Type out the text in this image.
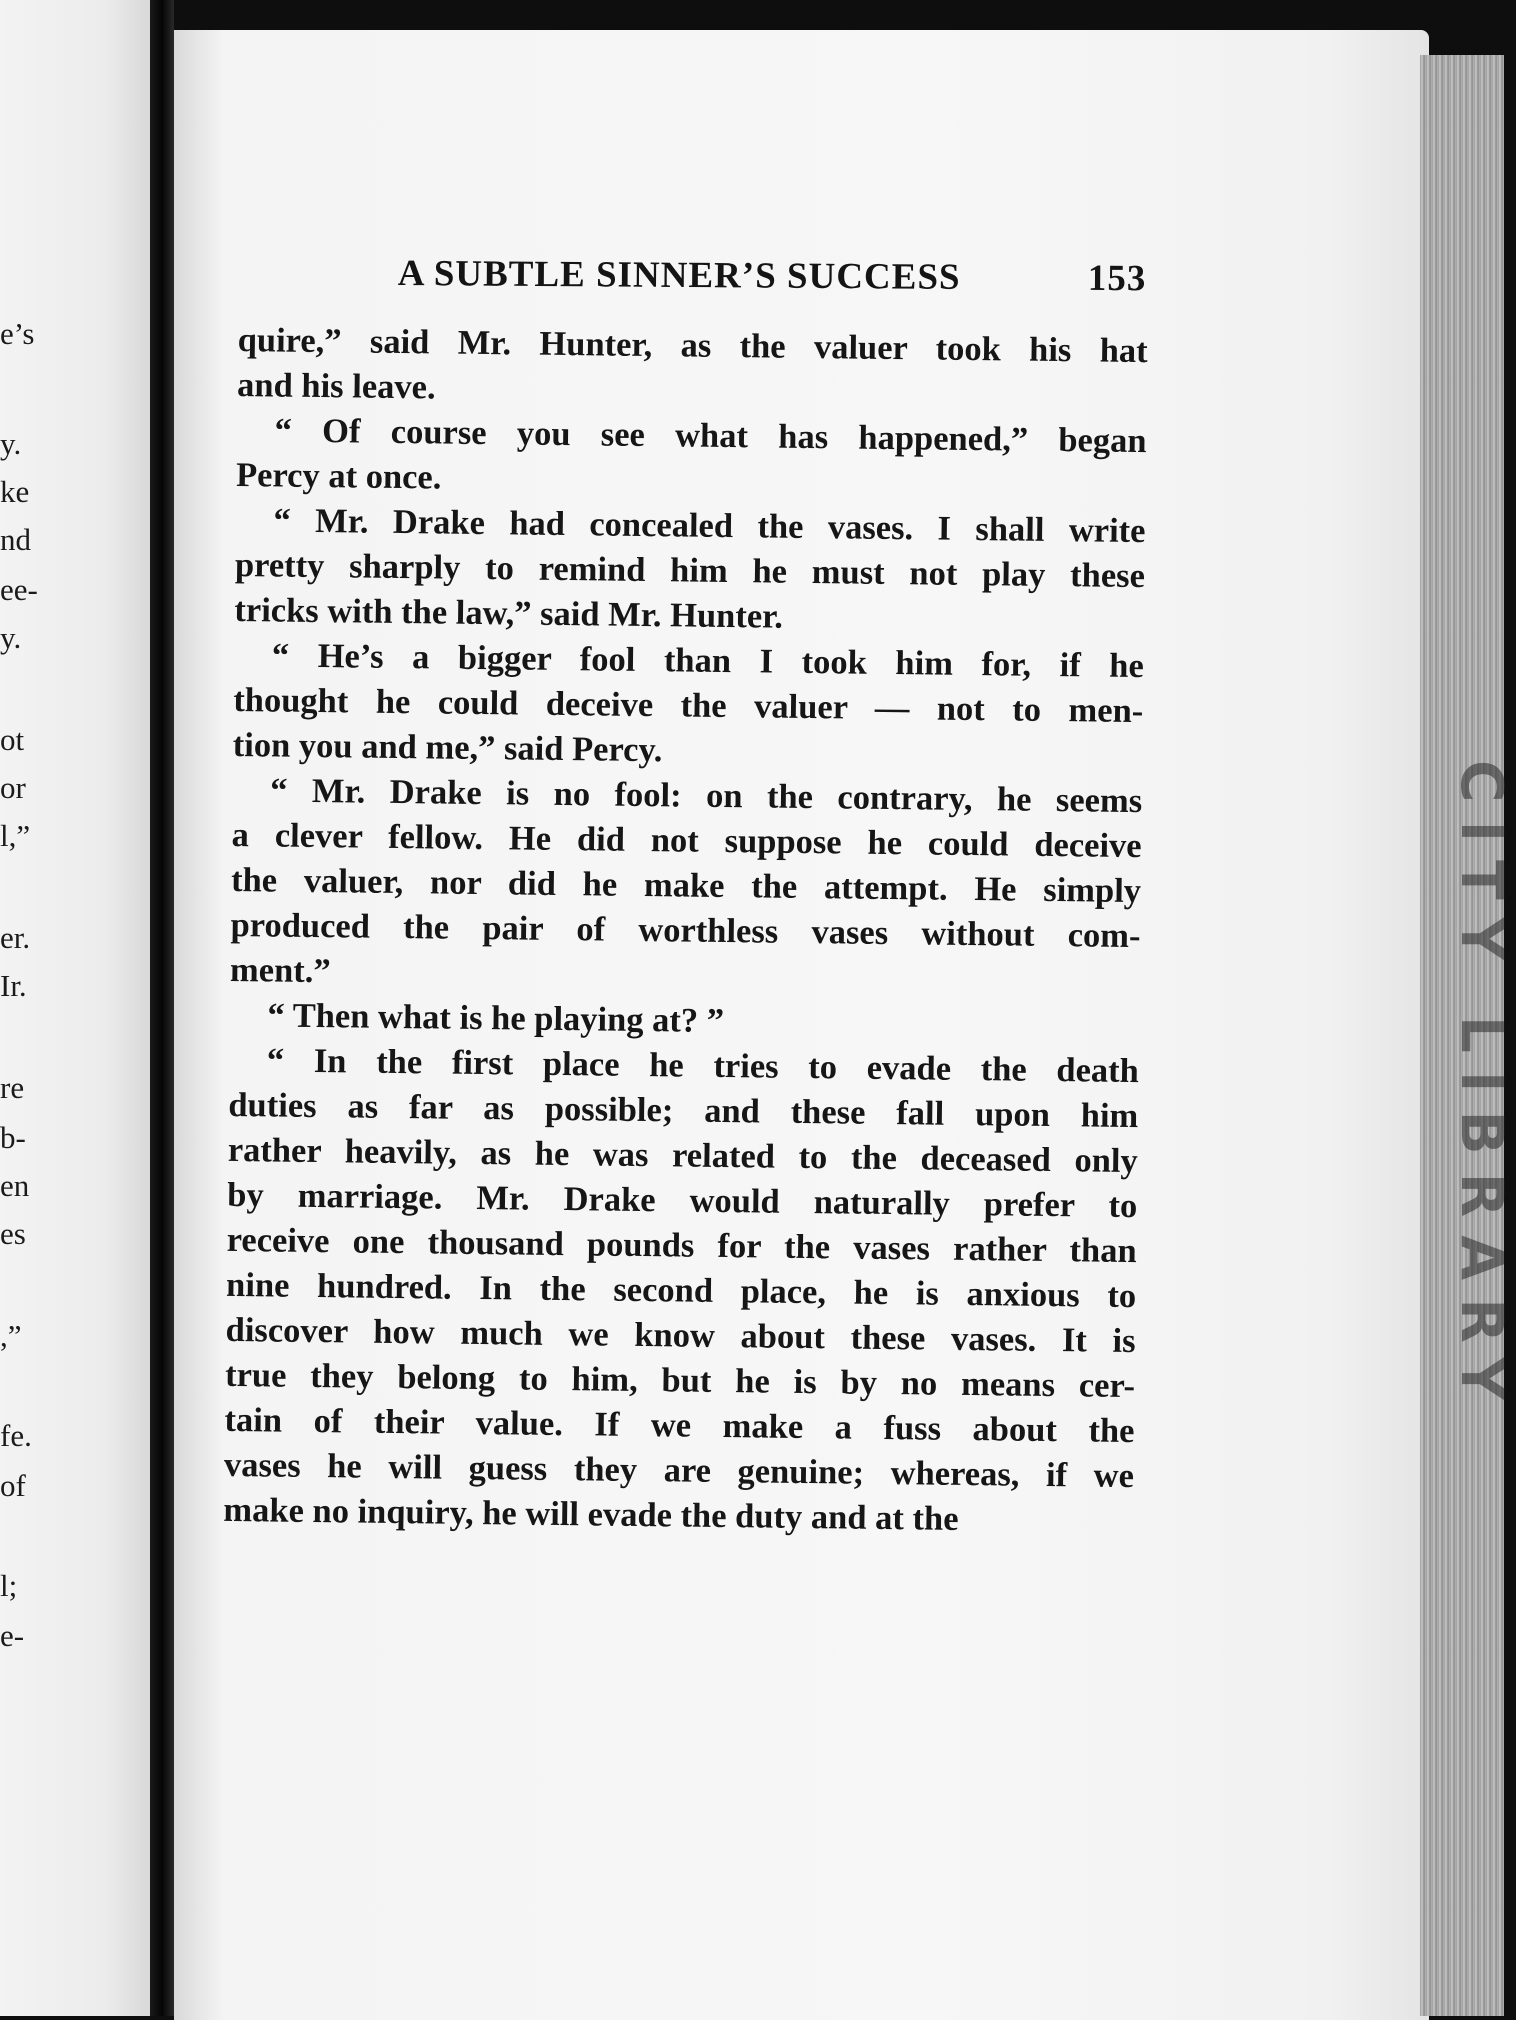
e’s
y.
ke
nd
ee-
y.
ot
or
l,”
er.
Ir.
re
b-
en
es
,”
fe.
of
l;
e-
CITY LIBRARY
A SUBTLE SINNER’S SUCCESS	153

quire,” said Mr. Hunter, as the valuer took his hat
and his leave.

“ Of course you see what has happened,” began
Percy at once.

“ Mr. Drake had concealed the vases. I shall write
pretty sharply to remind him he must not play these
tricks with the law,” said Mr. Hunter.

“ He’s a bigger fool than I took him for, if he
thought he could deceive the valuer — not to men-
tion you and me,” said Percy.

“ Mr. Drake is no fool: on the contrary, he seems
a clever fellow. He did not suppose he could deceive
the valuer, nor did he make the attempt. He simply
produced the pair of worthless vases without com-
ment.”

“ Then what is he playing at? ”

“ In the first place he tries to evade the death
duties as far as possible; and these fall upon him
rather heavily, as he was related to the deceased only
by marriage. Mr. Drake would naturally prefer to
receive one thousand pounds for the vases rather than
nine hundred. In the second place, he is anxious to
discover how much we know about these vases. It is
true they belong to him, but he is by no means cer-
tain of their value. If we make a fuss about the
vases he will guess they are genuine; whereas, if we
make no inquiry, he will evade the duty and at the
